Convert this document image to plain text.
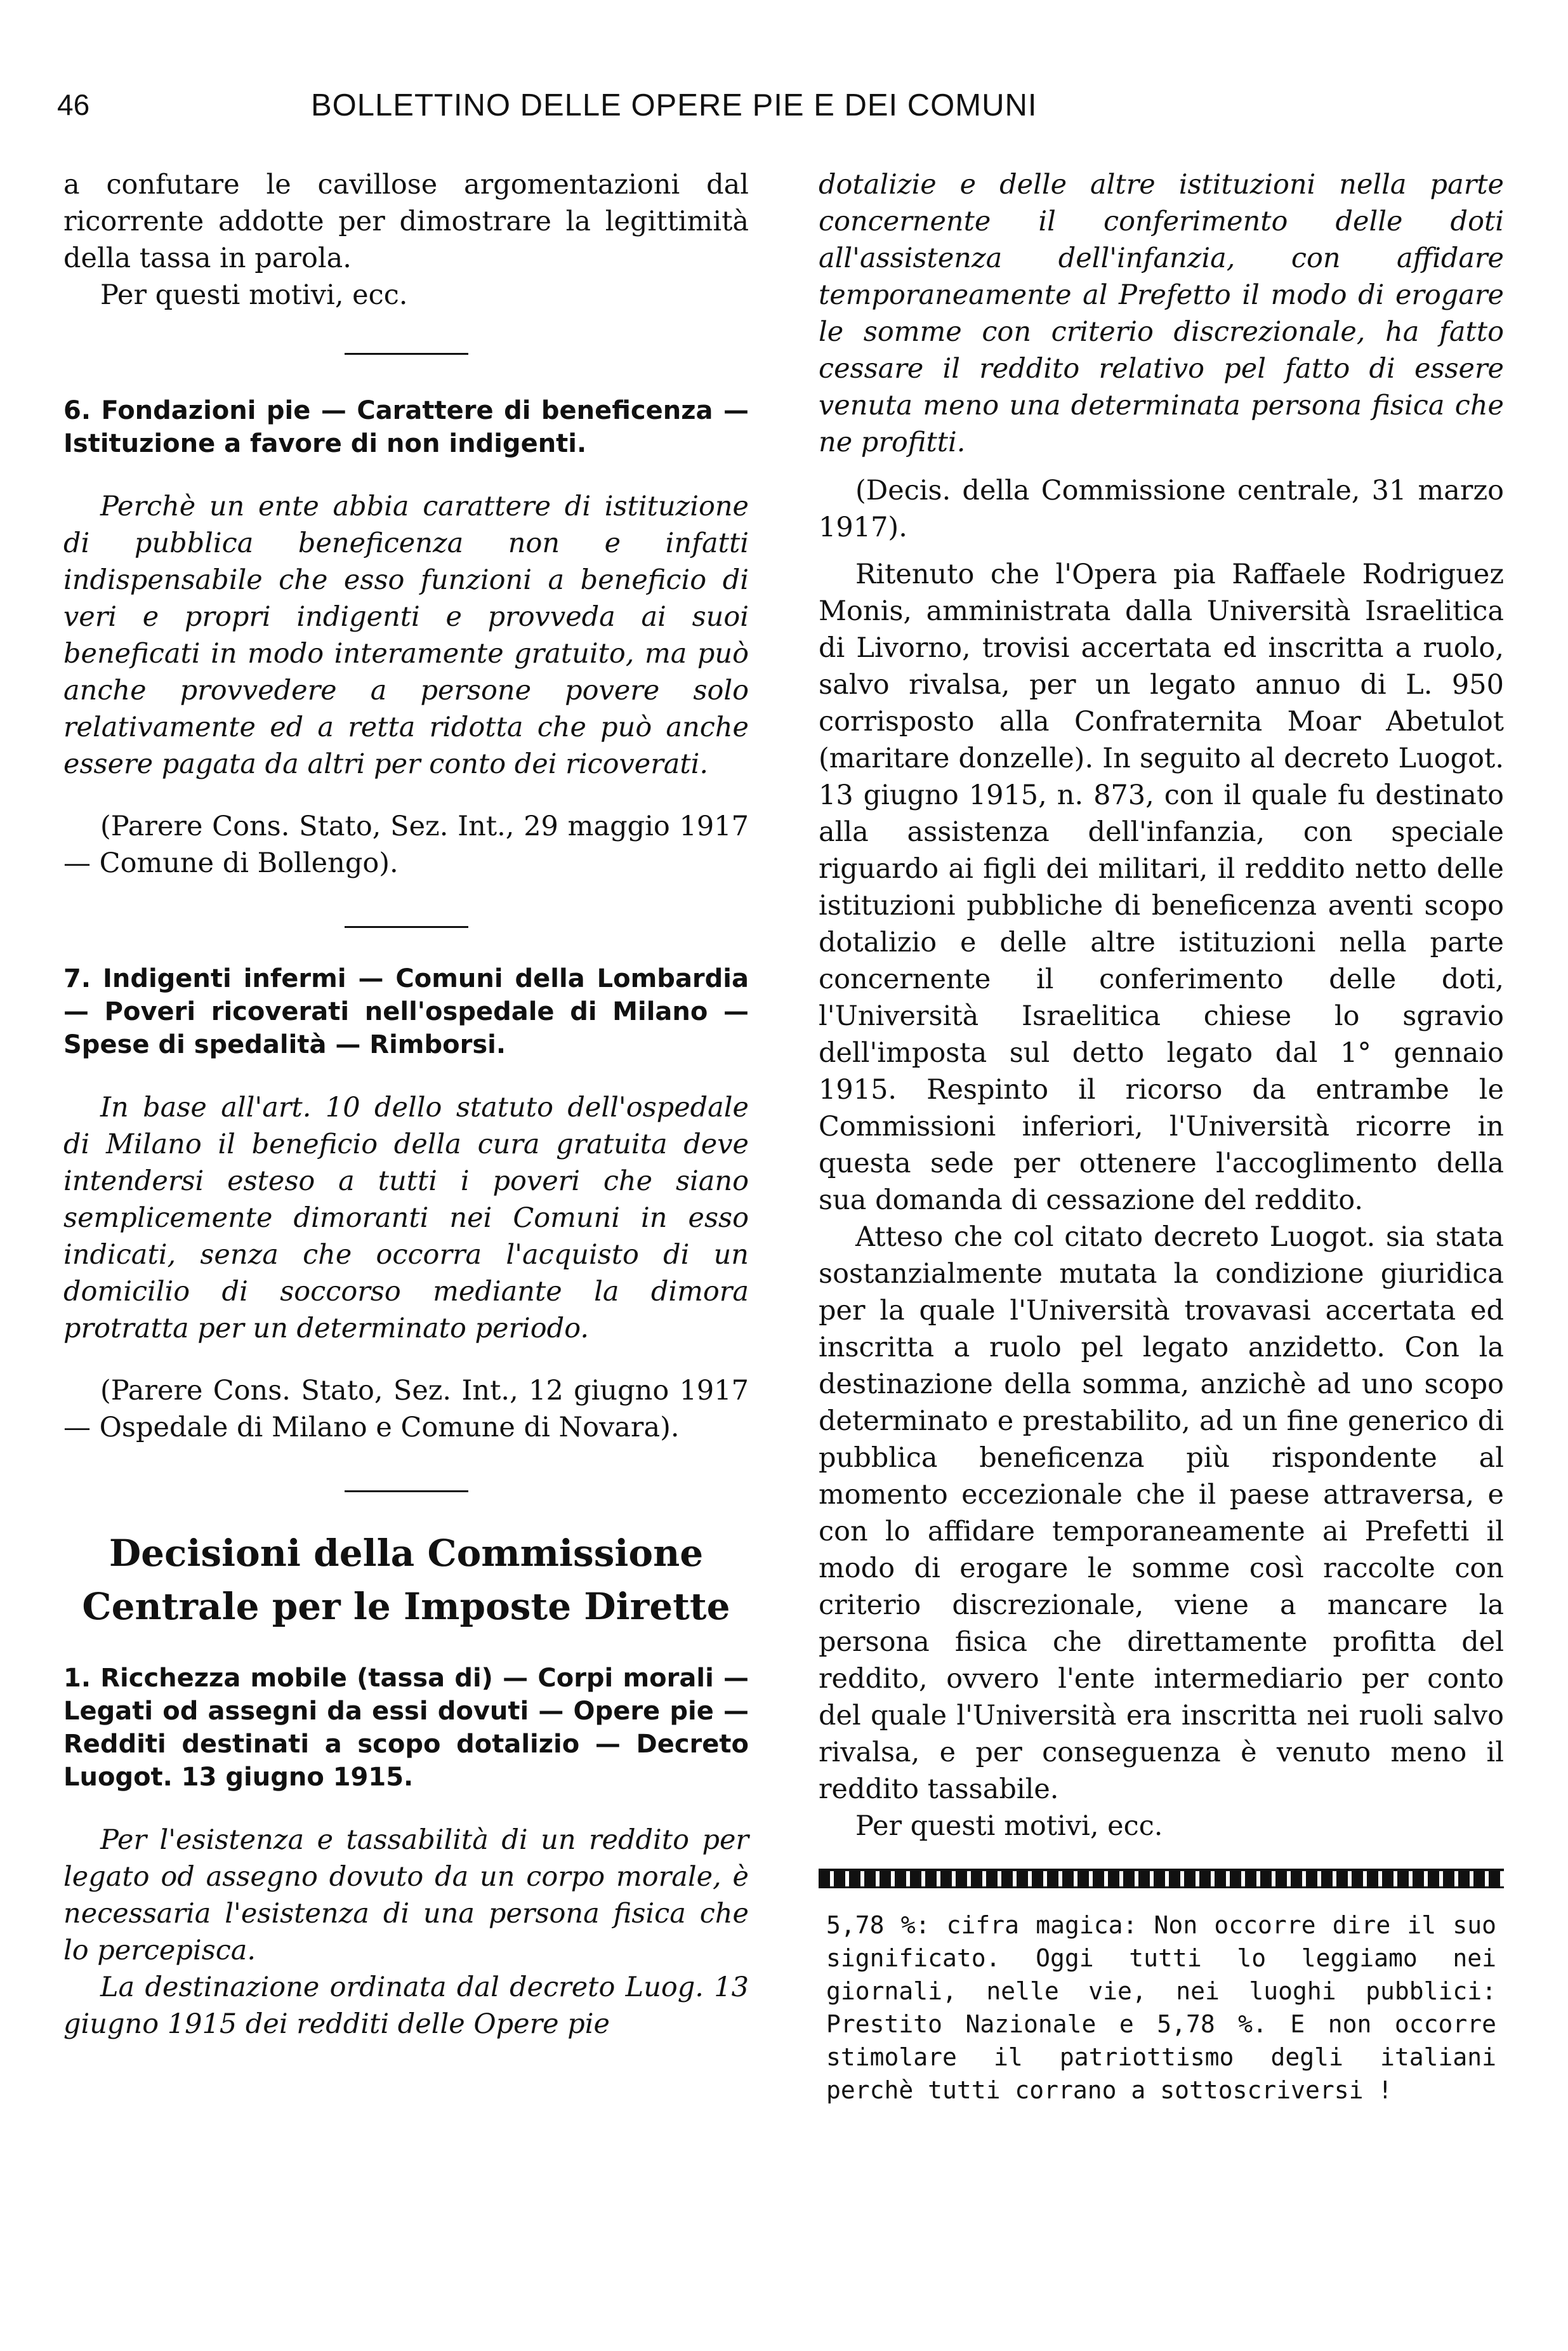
46	BOLLETTINO DELLE OPERE PIE E DEI COMUNI

a confutare le cavillose argomentazioni dal ricorrente addotte per dimostrare la legittimità della tassa in parola.

Per questi motivi, ecc.

6. Fondazioni pie — Carattere di beneficenza — Istituzione a favore di non indigenti.

Perchè un ente abbia carattere di istituzione di pubblica beneficenza non e infatti indispensabile che esso funzioni a beneficio di veri e propri indigenti e provveda ai suoi beneficati in modo interamente gratuito, ma può anche provvedere a persone povere solo relativamente ed a retta ridotta che può anche essere pagata da altri per conto dei ricoverati.

(Parere Cons. Stato, Sez. Int., 29 maggio 1917 — Comune di Bollengo).

7. Indigenti infermi — Comuni della Lombardia — Poveri ricoverati nell'ospedale di Milano — Spese di spedalità — Rimborsi.

In base all'art. 10 dello statuto dell'ospedale di Milano il beneficio della cura gratuita deve intendersi esteso a tutti i poveri che siano semplicemente dimoranti nei Comuni in esso indicati, senza che occorra l'acquisto di un domicilio di soccorso mediante la dimora protratta per un determinato periodo.

(Parere Cons. Stato, Sez. Int., 12 giugno 1917 — Ospedale di Milano e Comune di Novara).

Decisioni della Commissione Centrale per le Imposte Dirette

1. Ricchezza mobile (tassa di) — Corpi morali — Legati od assegni da essi dovuti — Opere pie — Redditi destinati a scopo dotalizio — Decreto Luogot. 13 giugno 1915.

Per l'esistenza e tassabilità di un reddito per legato od assegno dovuto da un corpo morale, è necessaria l'esistenza di una persona fisica che lo percepisca.

La destinazione ordinata dal decreto Luog. 13 giugno 1915 dei redditi delle Opere pie

dotalizie e delle altre istituzioni nella parte concernente il conferimento delle doti all'assistenza dell'infanzia, con affidare temporaneamente al Prefetto il modo di erogare le somme con criterio discrezionale, ha fatto cessare il reddito relativo pel fatto di essere venuta meno una determinata persona fisica che ne profitti.

(Decis. della Commissione centrale, 31 marzo 1917).

Ritenuto che l'Opera pia Raffaele Rodriguez Monis, amministrata dalla Università Israelitica di Livorno, trovisi accertata ed inscritta a ruolo, salvo rivalsa, per un legato annuo di L. 950 corrisposto alla Confraternita Moar Abetulot (maritare donzelle). In seguito al decreto Luogot. 13 giugno 1915, n. 873, con il quale fu destinato alla assistenza dell'infanzia, con speciale riguardo ai figli dei militari, il reddito netto delle istituzioni pubbliche di beneficenza aventi scopo dotalizio e delle altre istituzioni nella parte concernente il conferimento delle doti, l'Università Israelitica chiese lo sgravio dell'imposta sul detto legato dal 1° gennaio 1915. Respinto il ricorso da entrambe le Commissioni inferiori, l'Università ricorre in questa sede per ottenere l'accoglimento della sua domanda di cessazione del reddito.

Atteso che col citato decreto Luogot. sia stata sostanzialmente mutata la condizione giuridica per la quale l'Università trovavasi accertata ed inscritta a ruolo pel legato anzidetto. Con la destinazione della somma, anzichè ad uno scopo determinato e prestabilito, ad un fine generico di pubblica beneficenza più rispondente al momento eccezionale che il paese attraversa, e con lo affidare temporaneamente ai Prefetti il modo di erogare le somme così raccolte con criterio discrezionale, viene a mancare la persona fisica che direttamente profitta del reddito, ovvero l'ente intermediario per conto del quale l'Università era inscritta nei ruoli salvo rivalsa, e per conseguenza è venuto meno il reddito tassabile.

Per questi motivi, ecc.

5,78 %: cifra magica: Non occorre dire il suo significato. Oggi tutti lo leggiamo nei giornali, nelle vie, nei luoghi pubblici: Prestito Nazionale e 5,78 %. E non occorre stimolare il patriottismo degli italiani perchè tutti corrano a sottoscriversi !
